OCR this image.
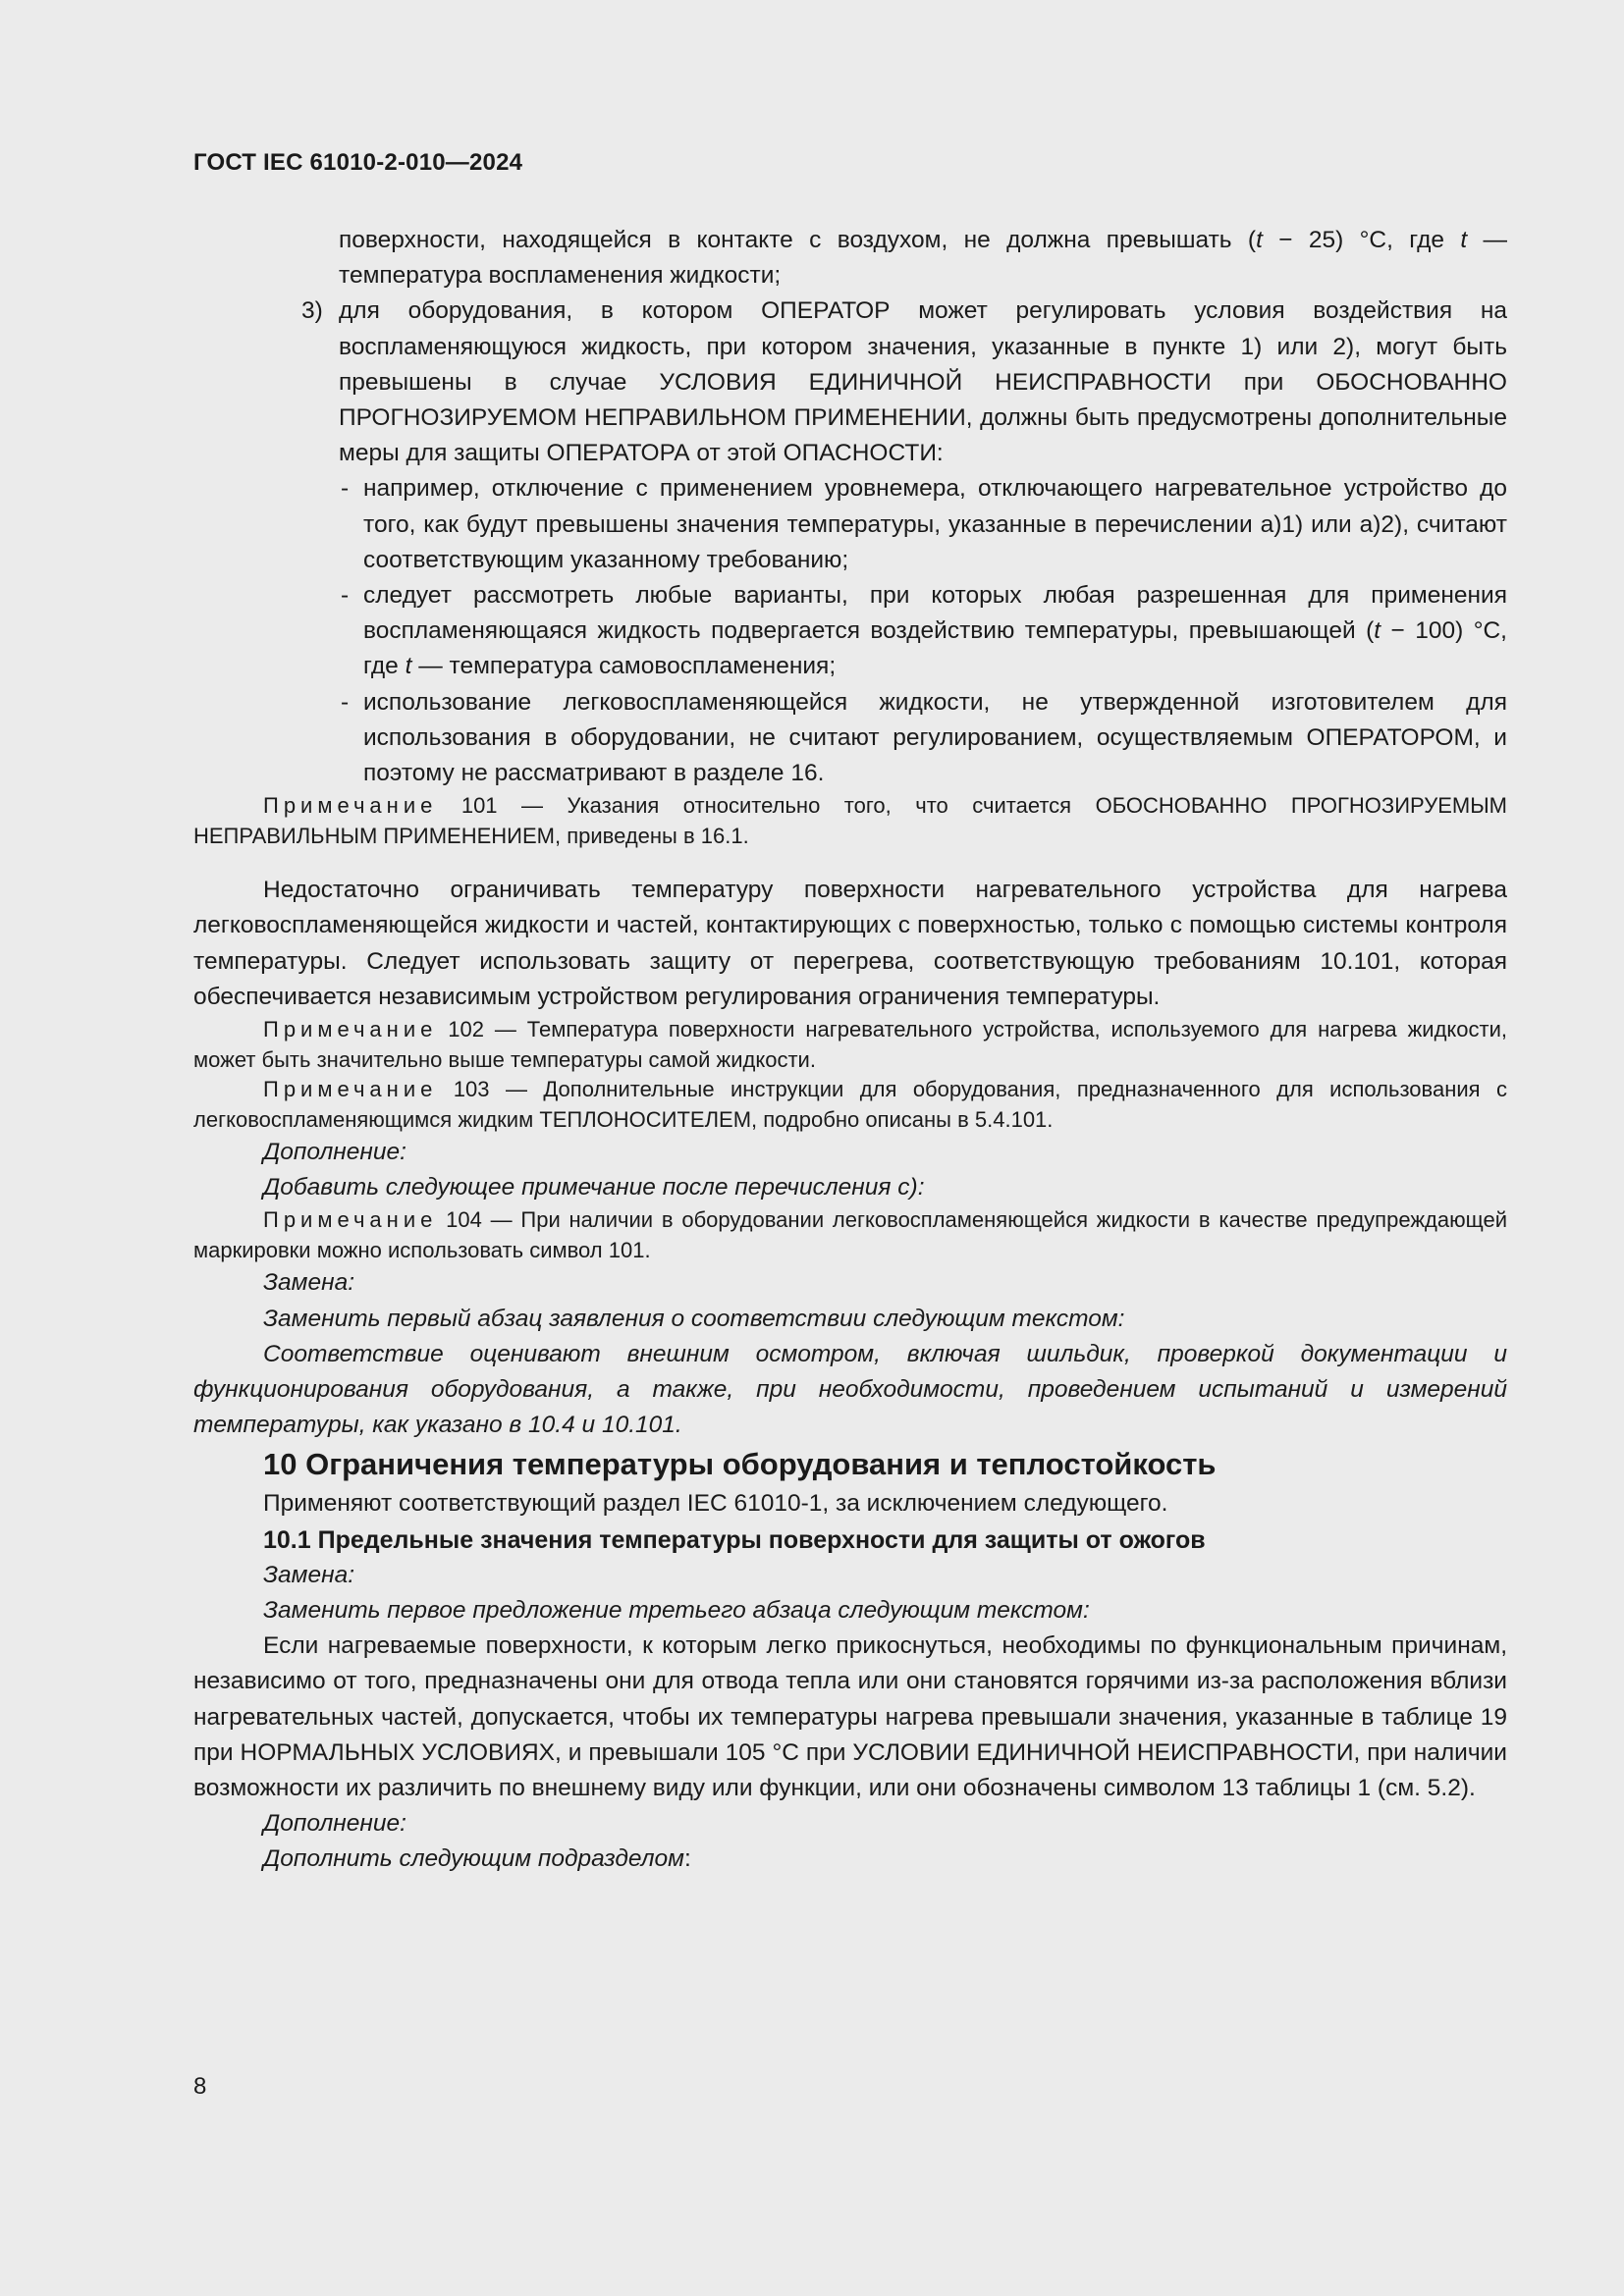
ГОСТ IEC 61010-2-010—2024

поверхности, находящейся в контакте с воздухом, не должна превышать (t − 25) °С, где t — температура воспламенения жидкости;

3) для оборудования, в котором ОПЕРАТОР может регулировать условия воздействия на воспламеняющуюся жидкость, при котором значения, указанные в пункте 1) или 2), могут быть превышены в случае УСЛОВИЯ ЕДИНИЧНОЙ НЕИСПРАВНОСТИ при ОБОСНОВАННО ПРОГНОЗИРУЕМОМ НЕПРАВИЛЬНОМ ПРИМЕНЕНИИ, должны быть предусмотрены дополнительные меры для защиты ОПЕРАТОРА от этой ОПАСНОСТИ:

- например, отключение с применением уровнемера, отключающего нагревательное устройство до того, как будут превышены значения температуры, указанные в перечислении а)1) или а)2), считают соответствующим указанному требованию;

- следует рассмотреть любые варианты, при которых любая разрешенная для применения воспламеняющаяся жидкость подвергается воздействию температуры, превышающей (t − 100) °С, где t — температура самовоспламенения;

- использование легковоспламеняющейся жидкости, не утвержденной изготовителем для использования в оборудовании, не считают регулированием, осуществляемым ОПЕРАТОРОМ, и поэтому не рассматривают в разделе 16.

Примечание 101 — Указания относительно того, что считается ОБОСНОВАННО ПРОГНОЗИРУЕМЫМ НЕПРАВИЛЬНЫМ ПРИМЕНЕНИЕМ, приведены в 16.1.

Недостаточно ограничивать температуру поверхности нагревательного устройства для нагрева легковоспламеняющейся жидкости и частей, контактирующих с поверхностью, только с помощью системы контроля температуры. Следует использовать защиту от перегрева, соответствующую требованиям 10.101, которая обеспечивается независимым устройством регулирования ограничения температуры.

Примечание 102 — Температура поверхности нагревательного устройства, используемого для нагрева жидкости, может быть значительно выше температуры самой жидкости.

Примечание 103 — Дополнительные инструкции для оборудования, предназначенного для использования с легковоспламеняющимся жидким ТЕПЛОНОСИТЕЛЕМ, подробно описаны в 5.4.101.

Дополнение:

Добавить следующее примечание после перечисления с):

Примечание 104 — При наличии в оборудовании легковоспламеняющейся жидкости в качестве предупреждающей маркировки можно использовать символ 101.

Замена:

Заменить первый абзац заявления о соответствии следующим текстом:

Соответствие оценивают внешним осмотром, включая шильдик, проверкой документации и функционирования оборудования, а также, при необходимости, проведением испытаний и измерений температуры, как указано в 10.4 и 10.101.

10 Ограничения температуры оборудования и теплостойкость

Применяют соответствующий раздел IEC 61010-1, за исключением следующего.

10.1 Предельные значения температуры поверхности для защиты от ожогов

Замена:

Заменить первое предложение третьего абзаца следующим текстом:

Если нагреваемые поверхности, к которым легко прикоснуться, необходимы по функциональным причинам, независимо от того, предназначены они для отвода тепла или они становятся горячими из-за расположения вблизи нагревательных частей, допускается, чтобы их температуры нагрева превышали значения, указанные в таблице 19 при НОРМАЛЬНЫХ УСЛОВИЯХ, и превышали 105 °С при УСЛОВИИ ЕДИНИЧНОЙ НЕИСПРАВНОСТИ, при наличии возможности их различить по внешнему виду или функции, или они обозначены символом 13 таблицы 1 (см. 5.2).

Дополнение:

Дополнить следующим подразделом:

8
